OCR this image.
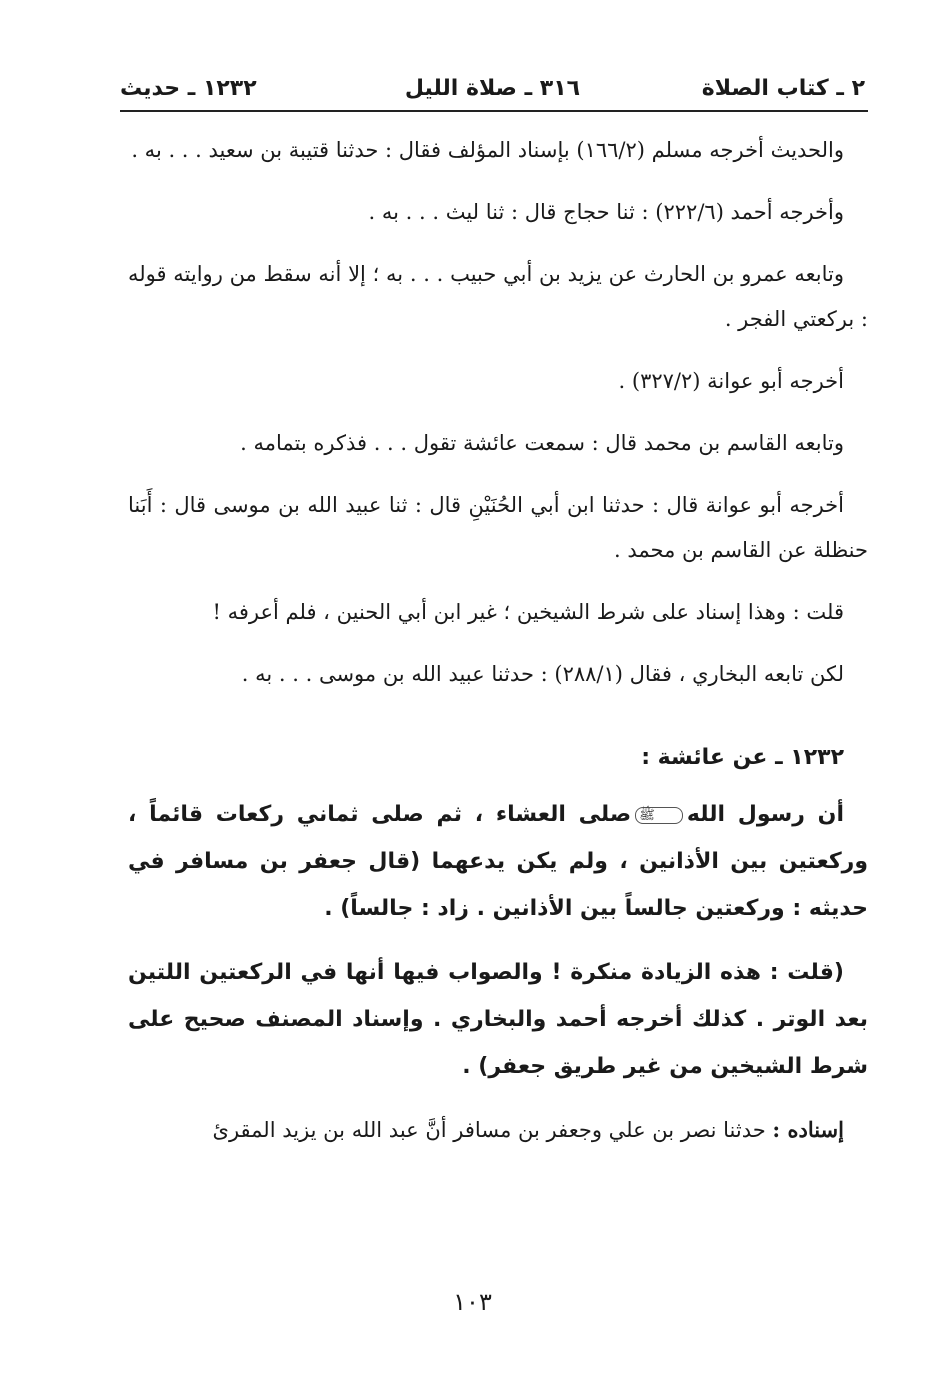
٢ ـ كتاب الصلاة
٣١٦ ـ صلاة الليل
١٢٣٢ ـ حديث

والحديث أخرجه مسلم (١٦٦/٢) بإسناد المؤلف فقال : حدثنا قتيبة بن سعيد . . . به .

وأخرجه أحمد (٢٢٢/٦) : ثنا حجاج قال : ثنا ليث . . . به .

وتابعه عمرو بن الحارث عن يزيد بن أبي حبيب . . . به ؛ إلا أنه سقط من روايته قوله : بركعتي الفجر .

أخرجه أبو عوانة (٣٢٧/٢) .

وتابعه القاسم بن محمد قال : سمعت عائشة تقول . . . فذكره بتمامه .

أخرجه أبو عوانة قال : حدثنا ابن أبي الحُنَيْنِ قال : ثنا عبيد الله بن موسى قال : أَبَنا حنظلة عن القاسم بن محمد .

قلت : وهذا إسناد على شرط الشيخين ؛ غير ابن أبي الحنين ، فلم أعرفه !

لكن تابعه البخاري ، فقال (٢٨٨/١) : حدثنا عبيد الله بن موسى . . . به .

١٢٣٢ ـ عن عائشة :

أن رسول اللهﷺصلى العشاء ، ثم صلى ثماني ركعات قائماً ، وركعتين بين الأذانين ، ولم يكن يدعهما (قال جعفر بن مسافر في حديثه : وركعتين جالساً بين الأذانين . زاد : جالساً) .

(قلت : هذه الزيادة منكرة ! والصواب فيها أنها في الركعتين اللتين بعد الوتر . كذلك أخرجه أحمد والبخاري . وإسناد المصنف صحيح على شرط الشيخين من غير طريق جعفر) .

إسناده : حدثنا نصر بن علي وجعفر بن مسافر أنَّ عبد الله بن يزيد المقرئ

١٠٣
